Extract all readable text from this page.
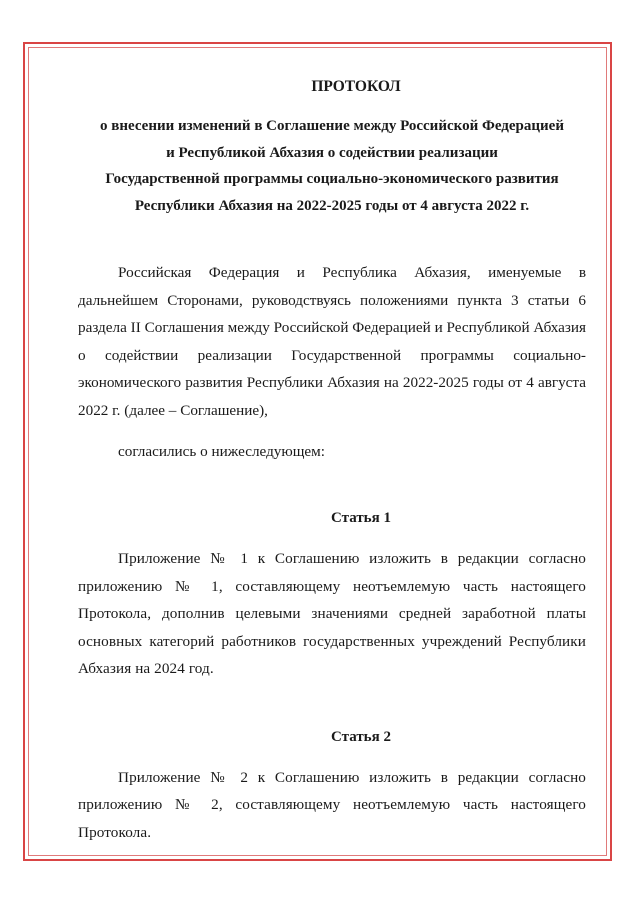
ПРОТОКОЛ
о внесении изменений в Соглашение между Российской Федерацией
и Республикой Абхазия о содействии реализации
Государственной программы социально-экономического развития
Республики Абхазия на 2022-2025 годы от 4 августа 2022 г.
Российская Федерация и Республика Абхазия, именуемые в дальнейшем Сторонами, руководствуясь положениями пункта 3 статьи 6 раздела II Соглашения между Российской Федерацией и Республикой Абхазия о содействии реализации Государственной программы социально-экономического развития Республики Абхазия на 2022-2025 годы от 4 августа 2022 г. (далее – Соглашение),
согласились о нижеследующем:
Статья 1
Приложение № 1 к Соглашению изложить в редакции согласно приложению № 1, составляющему неотъемлемую часть настоящего Протокола, дополнив целевыми значениями средней заработной платы основных категорий работников государственных учреждений Республики Абхазия на 2024 год.
Статья 2
Приложение № 2 к Соглашению изложить в редакции согласно приложению № 2, составляющему неотъемлемую часть настоящего Протокола.
